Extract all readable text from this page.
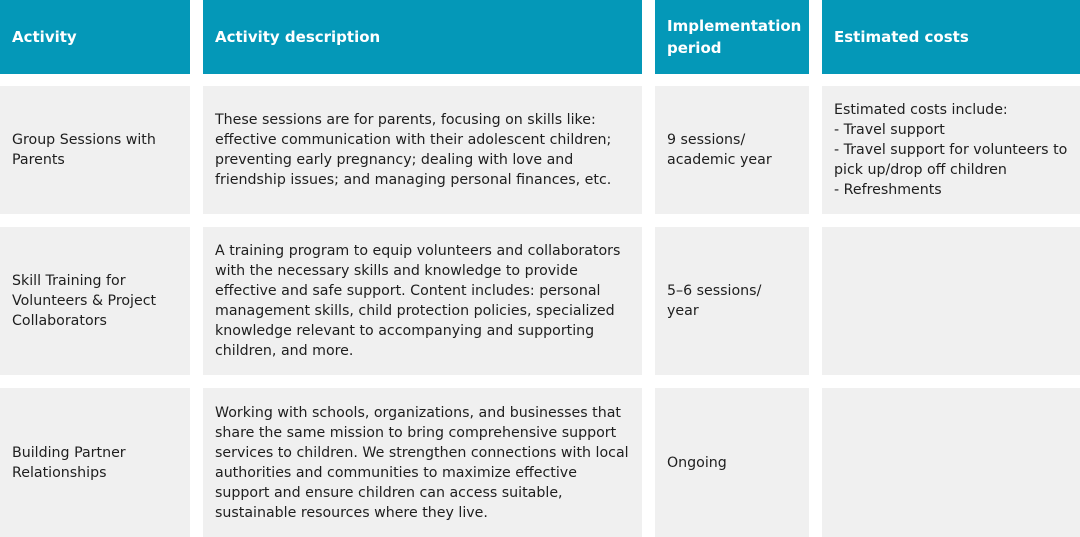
Activity	Activity description
Implementation period
Estimated costs
Group Sessions with Parents
These sessions are for parents, focusing on skills like: effective communication with their adolescent children; preventing early pregnancy; dealing with love and friendship issues; and managing personal finances, etc.
9 sessions/ academic year
Estimated costs include:
- Travel support
- Travel support for volunteers to pick up/drop off children
- Refreshments
Skill Training for Volunteers & Project Collaborators
A training program to equip volunteers and collaborators with the necessary skills and knowledge to provide effective and safe support. Content includes: personal management skills, child protection policies, specialized knowledge relevant to accompanying and supporting children, and more.
5–6 sessions/ year
Building Partner Relationships
Working with schools, organizations, and businesses that share the same mission to bring comprehensive support services to children. We strengthen connections with local authorities and communities to maximize effective support and ensure children can access suitable, sustainable resources where they live.
Ongoing
